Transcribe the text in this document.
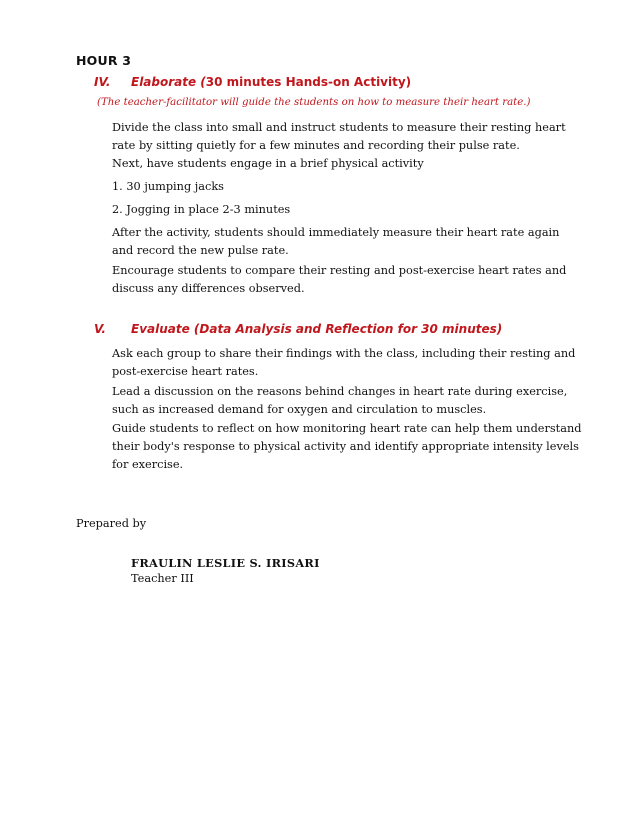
HOUR 3
IV. Elaborate (30 minutes Hands-on Activity)
(The teacher-facilitator will guide the students on how to measure their heart rate.)

Divide the class into small and instruct students to measure their resting heart rate by sitting quietly for a few minutes and recording their pulse rate.

Next, have students engage in a brief physical activity

1. 30 jumping jacks

2. Jogging in place 2-3 minutes

After the activity, students should immediately measure their heart rate again and record the new pulse rate.

Encourage students to compare their resting and post-exercise heart rates and discuss any differences observed.

V. Evaluate (Data Analysis and Reflection for 30 minutes)

Ask each group to share their findings with the class, including their resting and post-exercise heart rates.

Lead a discussion on the reasons behind changes in heart rate during exercise, such as increased demand for oxygen and circulation to muscles.

Guide students to reflect on how monitoring heart rate can help them understand their body's response to physical activity and identify appropriate intensity levels for exercise.

Prepared by
FRAULIN LESLIE S. IRISARI
Teacher III
